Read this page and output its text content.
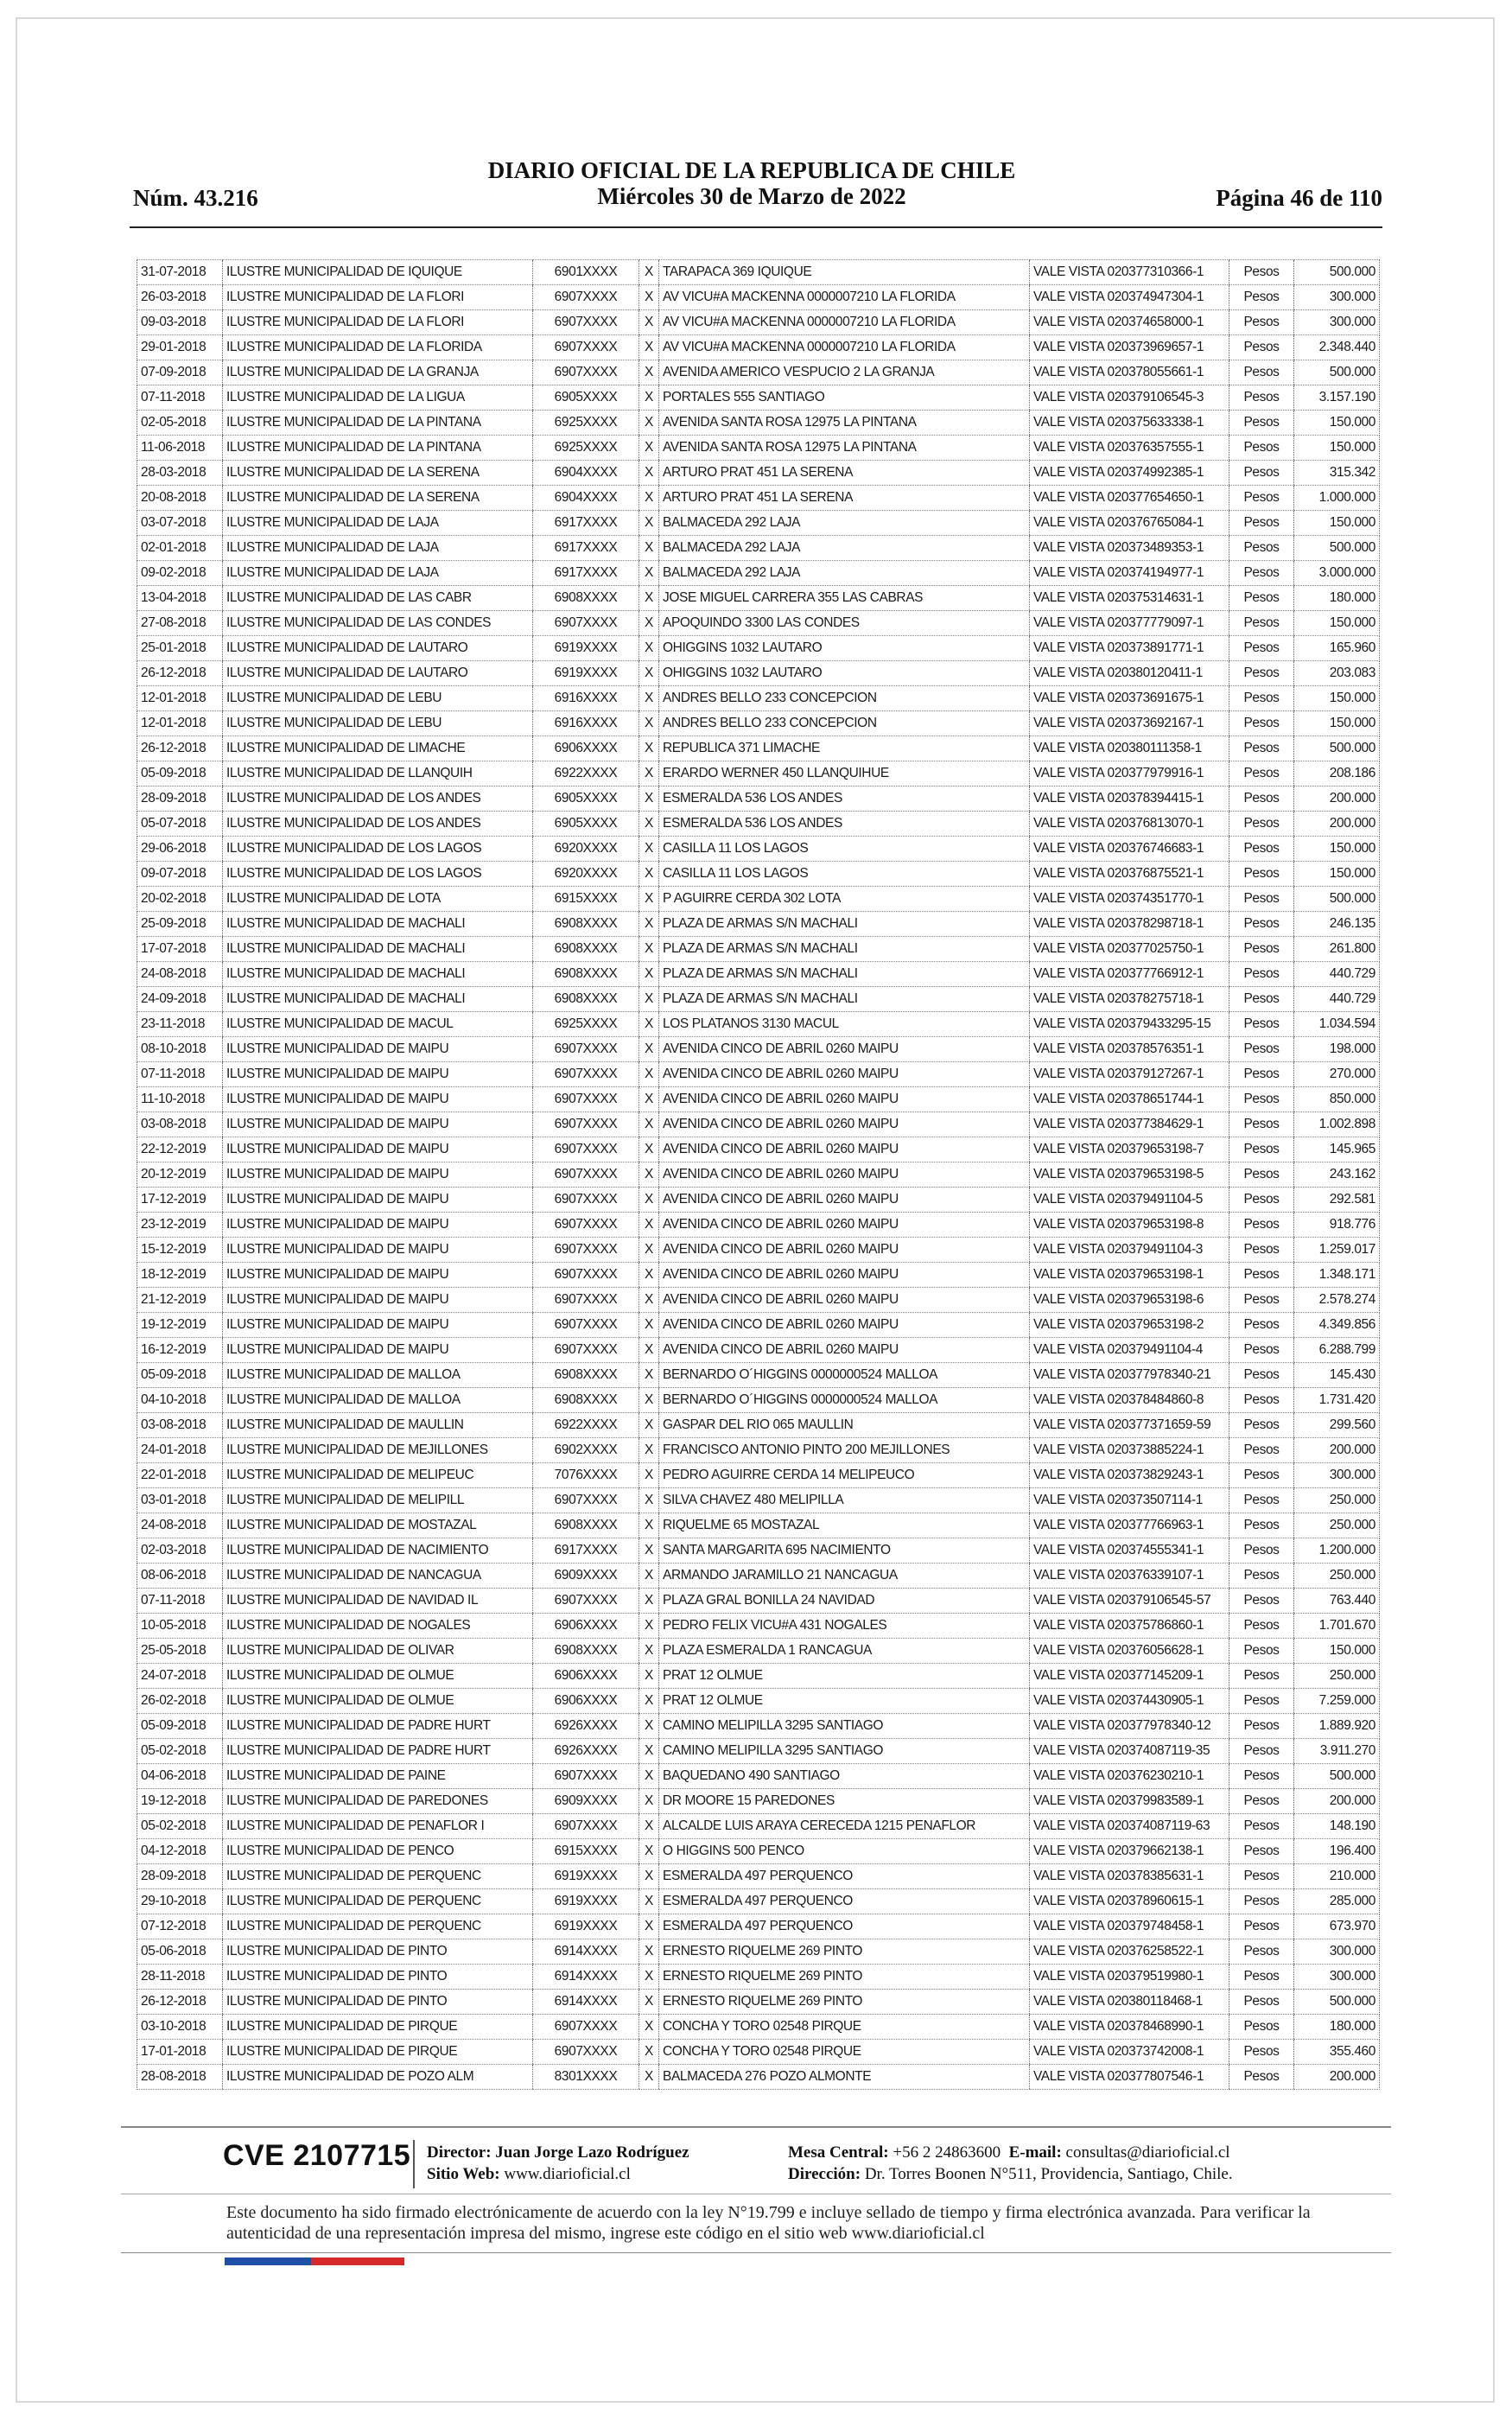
Núm. 43.216
DIARIO OFICIAL DE LA REPUBLICA DE CHILE
Miércoles 30 de Marzo de 2022	Página 46 de 110
31-07-2018	ILUSTRE MUNICIPALIDAD DE IQUIQUE	6901XXXX	X	TARAPACA 369 IQUIQUE	VALE VISTA 020377310366-1	Pesos	500.000
26-03-2018	ILUSTRE MUNICIPALIDAD DE LA FLORI	6907XXXX	X	AV VICU#A MACKENNA 0000007210 LA FLORIDA	VALE VISTA 020374947304-1	Pesos	300.000
09-03-2018	ILUSTRE MUNICIPALIDAD DE LA FLORI	6907XXXX	X	AV VICU#A MACKENNA 0000007210 LA FLORIDA	VALE VISTA 020374658000-1	Pesos	300.000
29-01-2018	ILUSTRE MUNICIPALIDAD DE LA FLORIDA	6907XXXX	X	AV VICU#A MACKENNA 0000007210 LA FLORIDA	VALE VISTA 020373969657-1	Pesos	2.348.440
07-09-2018	ILUSTRE MUNICIPALIDAD DE LA GRANJA	6907XXXX	X	AVENIDA AMERICO VESPUCIO 2 LA GRANJA	VALE VISTA 020378055661-1	Pesos	500.000
07-11-2018	ILUSTRE MUNICIPALIDAD DE LA LIGUA	6905XXXX	X	PORTALES 555 SANTIAGO	VALE VISTA 020379106545-3	Pesos	3.157.190
02-05-2018	ILUSTRE MUNICIPALIDAD DE LA PINTANA	6925XXXX	X	AVENIDA SANTA ROSA 12975 LA PINTANA	VALE VISTA 020375633338-1	Pesos	150.000
11-06-2018	ILUSTRE MUNICIPALIDAD DE LA PINTANA	6925XXXX	X	AVENIDA SANTA ROSA 12975 LA PINTANA	VALE VISTA 020376357555-1	Pesos	150.000
28-03-2018	ILUSTRE MUNICIPALIDAD DE LA SERENA	6904XXXX	X	ARTURO PRAT 451 LA SERENA	VALE VISTA 020374992385-1	Pesos	315.342
20-08-2018	ILUSTRE MUNICIPALIDAD DE LA SERENA	6904XXXX	X	ARTURO PRAT 451 LA SERENA	VALE VISTA 020377654650-1	Pesos	1.000.000
03-07-2018	ILUSTRE MUNICIPALIDAD DE LAJA	6917XXXX	X	BALMACEDA 292 LAJA	VALE VISTA 020376765084-1	Pesos	150.000
02-01-2018	ILUSTRE MUNICIPALIDAD DE LAJA	6917XXXX	X	BALMACEDA 292 LAJA	VALE VISTA 020373489353-1	Pesos	500.000
09-02-2018	ILUSTRE MUNICIPALIDAD DE LAJA	6917XXXX	X	BALMACEDA 292 LAJA	VALE VISTA 020374194977-1	Pesos	3.000.000
13-04-2018	ILUSTRE MUNICIPALIDAD DE LAS CABR	6908XXXX	X	JOSE MIGUEL CARRERA 355 LAS CABRAS	VALE VISTA 020375314631-1	Pesos	180.000
27-08-2018	ILUSTRE MUNICIPALIDAD DE LAS CONDES	6907XXXX	X	APOQUINDO 3300 LAS CONDES	VALE VISTA 020377779097-1	Pesos	150.000
25-01-2018	ILUSTRE MUNICIPALIDAD DE LAUTARO	6919XXXX	X	OHIGGINS 1032 LAUTARO	VALE VISTA 020373891771-1	Pesos	165.960
26-12-2018	ILUSTRE MUNICIPALIDAD DE LAUTARO	6919XXXX	X	OHIGGINS 1032 LAUTARO	VALE VISTA 020380120411-1	Pesos	203.083
12-01-2018	ILUSTRE MUNICIPALIDAD DE LEBU	6916XXXX	X	ANDRES BELLO 233 CONCEPCION	VALE VISTA 020373691675-1	Pesos	150.000
12-01-2018	ILUSTRE MUNICIPALIDAD DE LEBU	6916XXXX	X	ANDRES BELLO 233 CONCEPCION	VALE VISTA 020373692167-1	Pesos	150.000
26-12-2018	ILUSTRE MUNICIPALIDAD DE LIMACHE	6906XXXX	X	REPUBLICA 371 LIMACHE	VALE VISTA 020380111358-1	Pesos	500.000
05-09-2018	ILUSTRE MUNICIPALIDAD DE LLANQUIH	6922XXXX	X	ERARDO WERNER 450 LLANQUIHUE	VALE VISTA 020377979916-1	Pesos	208.186
28-09-2018	ILUSTRE MUNICIPALIDAD DE LOS ANDES	6905XXXX	X	ESMERALDA 536 LOS ANDES	VALE VISTA 020378394415-1	Pesos	200.000
05-07-2018	ILUSTRE MUNICIPALIDAD DE LOS ANDES	6905XXXX	X	ESMERALDA 536 LOS ANDES	VALE VISTA 020376813070-1	Pesos	200.000
29-06-2018	ILUSTRE MUNICIPALIDAD DE LOS LAGOS	6920XXXX	X	CASILLA 11 LOS LAGOS	VALE VISTA 020376746683-1	Pesos	150.000
09-07-2018	ILUSTRE MUNICIPALIDAD DE LOS LAGOS	6920XXXX	X	CASILLA 11 LOS LAGOS	VALE VISTA 020376875521-1	Pesos	150.000
20-02-2018	ILUSTRE MUNICIPALIDAD DE LOTA	6915XXXX	X	P AGUIRRE CERDA 302 LOTA	VALE VISTA 020374351770-1	Pesos	500.000
25-09-2018	ILUSTRE MUNICIPALIDAD DE MACHALI	6908XXXX	X	PLAZA DE ARMAS S/N MACHALI	VALE VISTA 020378298718-1	Pesos	246.135
17-07-2018	ILUSTRE MUNICIPALIDAD DE MACHALI	6908XXXX	X	PLAZA DE ARMAS S/N MACHALI	VALE VISTA 020377025750-1	Pesos	261.800
24-08-2018	ILUSTRE MUNICIPALIDAD DE MACHALI	6908XXXX	X	PLAZA DE ARMAS S/N MACHALI	VALE VISTA 020377766912-1	Pesos	440.729
24-09-2018	ILUSTRE MUNICIPALIDAD DE MACHALI	6908XXXX	X	PLAZA DE ARMAS S/N MACHALI	VALE VISTA 020378275718-1	Pesos	440.729
23-11-2018	ILUSTRE MUNICIPALIDAD DE MACUL	6925XXXX	X	LOS PLATANOS 3130 MACUL	VALE VISTA 020379433295-15	Pesos	1.034.594
08-10-2018	ILUSTRE MUNICIPALIDAD DE MAIPU	6907XXXX	X	AVENIDA CINCO DE ABRIL 0260 MAIPU	VALE VISTA 020378576351-1	Pesos	198.000
07-11-2018	ILUSTRE MUNICIPALIDAD DE MAIPU	6907XXXX	X	AVENIDA CINCO DE ABRIL 0260 MAIPU	VALE VISTA 020379127267-1	Pesos	270.000
11-10-2018	ILUSTRE MUNICIPALIDAD DE MAIPU	6907XXXX	X	AVENIDA CINCO DE ABRIL 0260 MAIPU	VALE VISTA 020378651744-1	Pesos	850.000
03-08-2018	ILUSTRE MUNICIPALIDAD DE MAIPU	6907XXXX	X	AVENIDA CINCO DE ABRIL 0260 MAIPU	VALE VISTA 020377384629-1	Pesos	1.002.898
22-12-2019	ILUSTRE MUNICIPALIDAD DE MAIPU	6907XXXX	X	AVENIDA CINCO DE ABRIL 0260 MAIPU	VALE VISTA 020379653198-7	Pesos	145.965
20-12-2019	ILUSTRE MUNICIPALIDAD DE MAIPU	6907XXXX	X	AVENIDA CINCO DE ABRIL 0260 MAIPU	VALE VISTA 020379653198-5	Pesos	243.162
17-12-2019	ILUSTRE MUNICIPALIDAD DE MAIPU	6907XXXX	X	AVENIDA CINCO DE ABRIL 0260 MAIPU	VALE VISTA 020379491104-5	Pesos	292.581
23-12-2019	ILUSTRE MUNICIPALIDAD DE MAIPU	6907XXXX	X	AVENIDA CINCO DE ABRIL 0260 MAIPU	VALE VISTA 020379653198-8	Pesos	918.776
15-12-2019	ILUSTRE MUNICIPALIDAD DE MAIPU	6907XXXX	X	AVENIDA CINCO DE ABRIL 0260 MAIPU	VALE VISTA 020379491104-3	Pesos	1.259.017
18-12-2019	ILUSTRE MUNICIPALIDAD DE MAIPU	6907XXXX	X	AVENIDA CINCO DE ABRIL 0260 MAIPU	VALE VISTA 020379653198-1	Pesos	1.348.171
21-12-2019	ILUSTRE MUNICIPALIDAD DE MAIPU	6907XXXX	X	AVENIDA CINCO DE ABRIL 0260 MAIPU	VALE VISTA 020379653198-6	Pesos	2.578.274
19-12-2019	ILUSTRE MUNICIPALIDAD DE MAIPU	6907XXXX	X	AVENIDA CINCO DE ABRIL 0260 MAIPU	VALE VISTA 020379653198-2	Pesos	4.349.856
16-12-2019	ILUSTRE MUNICIPALIDAD DE MAIPU	6907XXXX	X	AVENIDA CINCO DE ABRIL 0260 MAIPU	VALE VISTA 020379491104-4	Pesos	6.288.799
05-09-2018	ILUSTRE MUNICIPALIDAD DE MALLOA	6908XXXX	X	BERNARDO O´HIGGINS 0000000524 MALLOA	VALE VISTA 020377978340-21	Pesos	145.430
04-10-2018	ILUSTRE MUNICIPALIDAD DE MALLOA	6908XXXX	X	BERNARDO O´HIGGINS 0000000524 MALLOA	VALE VISTA 020378484860-8	Pesos	1.731.420
03-08-2018	ILUSTRE MUNICIPALIDAD DE MAULLIN	6922XXXX	X	GASPAR DEL RIO 065 MAULLIN	VALE VISTA 020377371659-59	Pesos	299.560
24-01-2018	ILUSTRE MUNICIPALIDAD DE MEJILLONES	6902XXXX	X	FRANCISCO ANTONIO PINTO 200 MEJILLONES	VALE VISTA 020373885224-1	Pesos	200.000
22-01-2018	ILUSTRE MUNICIPALIDAD DE MELIPEUC	7076XXXX	X	PEDRO AGUIRRE CERDA 14 MELIPEUCO	VALE VISTA 020373829243-1	Pesos	300.000
03-01-2018	ILUSTRE MUNICIPALIDAD DE MELIPILL	6907XXXX	X	SILVA CHAVEZ 480 MELIPILLA	VALE VISTA 020373507114-1	Pesos	250.000
24-08-2018	ILUSTRE MUNICIPALIDAD DE MOSTAZAL	6908XXXX	X	RIQUELME 65 MOSTAZAL	VALE VISTA 020377766963-1	Pesos	250.000
02-03-2018	ILUSTRE MUNICIPALIDAD DE NACIMIENTO	6917XXXX	X	SANTA MARGARITA 695 NACIMIENTO	VALE VISTA 020374555341-1	Pesos	1.200.000
08-06-2018	ILUSTRE MUNICIPALIDAD DE NANCAGUA	6909XXXX	X	ARMANDO JARAMILLO 21 NANCAGUA	VALE VISTA 020376339107-1	Pesos	250.000
07-11-2018	ILUSTRE MUNICIPALIDAD DE NAVIDAD IL	6907XXXX	X	PLAZA GRAL BONILLA 24 NAVIDAD	VALE VISTA 020379106545-57	Pesos	763.440
10-05-2018	ILUSTRE MUNICIPALIDAD DE NOGALES	6906XXXX	X	PEDRO FELIX VICU#A 431 NOGALES	VALE VISTA 020375786860-1	Pesos	1.701.670
25-05-2018	ILUSTRE MUNICIPALIDAD DE OLIVAR	6908XXXX	X	PLAZA ESMERALDA 1 RANCAGUA	VALE VISTA 020376056628-1	Pesos	150.000
24-07-2018	ILUSTRE MUNICIPALIDAD DE OLMUE	6906XXXX	X	PRAT 12 OLMUE	VALE VISTA 020377145209-1	Pesos	250.000
26-02-2018	ILUSTRE MUNICIPALIDAD DE OLMUE	6906XXXX	X	PRAT 12 OLMUE	VALE VISTA 020374430905-1	Pesos	7.259.000
05-09-2018	ILUSTRE MUNICIPALIDAD DE PADRE HURT	6926XXXX	X	CAMINO MELIPILLA 3295 SANTIAGO	VALE VISTA 020377978340-12	Pesos	1.889.920
05-02-2018	ILUSTRE MUNICIPALIDAD DE PADRE HURT	6926XXXX	X	CAMINO MELIPILLA 3295 SANTIAGO	VALE VISTA 020374087119-35	Pesos	3.911.270
04-06-2018	ILUSTRE MUNICIPALIDAD DE PAINE	6907XXXX	X	BAQUEDANO 490 SANTIAGO	VALE VISTA 020376230210-1	Pesos	500.000
19-12-2018	ILUSTRE MUNICIPALIDAD DE PAREDONES	6909XXXX	X	DR MOORE 15 PAREDONES	VALE VISTA 020379983589-1	Pesos	200.000
05-02-2018	ILUSTRE MUNICIPALIDAD DE PENAFLOR I	6907XXXX	X	ALCALDE LUIS ARAYA CERECEDA 1215 PENAFLOR	VALE VISTA 020374087119-63	Pesos	148.190
04-12-2018	ILUSTRE MUNICIPALIDAD DE PENCO	6915XXXX	X	O HIGGINS 500 PENCO	VALE VISTA 020379662138-1	Pesos	196.400
28-09-2018	ILUSTRE MUNICIPALIDAD DE PERQUENC	6919XXXX	X	ESMERALDA 497 PERQUENCO	VALE VISTA 020378385631-1	Pesos	210.000
29-10-2018	ILUSTRE MUNICIPALIDAD DE PERQUENC	6919XXXX	X	ESMERALDA 497 PERQUENCO	VALE VISTA 020378960615-1	Pesos	285.000
07-12-2018	ILUSTRE MUNICIPALIDAD DE PERQUENC	6919XXXX	X	ESMERALDA 497 PERQUENCO	VALE VISTA 020379748458-1	Pesos	673.970
05-06-2018	ILUSTRE MUNICIPALIDAD DE PINTO	6914XXXX	X	ERNESTO RIQUELME 269 PINTO	VALE VISTA 020376258522-1	Pesos	300.000
28-11-2018	ILUSTRE MUNICIPALIDAD DE PINTO	6914XXXX	X	ERNESTO RIQUELME 269 PINTO	VALE VISTA 020379519980-1	Pesos	300.000
26-12-2018	ILUSTRE MUNICIPALIDAD DE PINTO	6914XXXX	X	ERNESTO RIQUELME 269 PINTO	VALE VISTA 020380118468-1	Pesos	500.000
03-10-2018	ILUSTRE MUNICIPALIDAD DE PIRQUE	6907XXXX	X	CONCHA Y TORO 02548 PIRQUE	VALE VISTA 020378468990-1	Pesos	180.000
17-01-2018	ILUSTRE MUNICIPALIDAD DE PIRQUE	6907XXXX	X	CONCHA Y TORO 02548 PIRQUE	VALE VISTA 020373742008-1	Pesos	355.460
28-08-2018	ILUSTRE MUNICIPALIDAD DE POZO ALM	8301XXXX	X	BALMACEDA 276 POZO ALMONTE	VALE VISTA 020377807546-1	Pesos	200.000
CVE 2107715 Director: Juan Jorge Lazo Rodríguez
Sitio Web: www.diarioficial.cl
Mesa Central: +56 2 24863600 E-mail: consultas@diarioficial.cl
Dirección: Dr. Torres Boonen N°511, Providencia, Santiago, Chile.
Este documento ha sido firmado electrónicamente de acuerdo con la ley N°19.799 e incluye sellado de tiempo y firma electrónica avanzada. Para verificar la autenticidad de una representación impresa del mismo, ingrese este código en el sitio web www.diarioficial.cl
